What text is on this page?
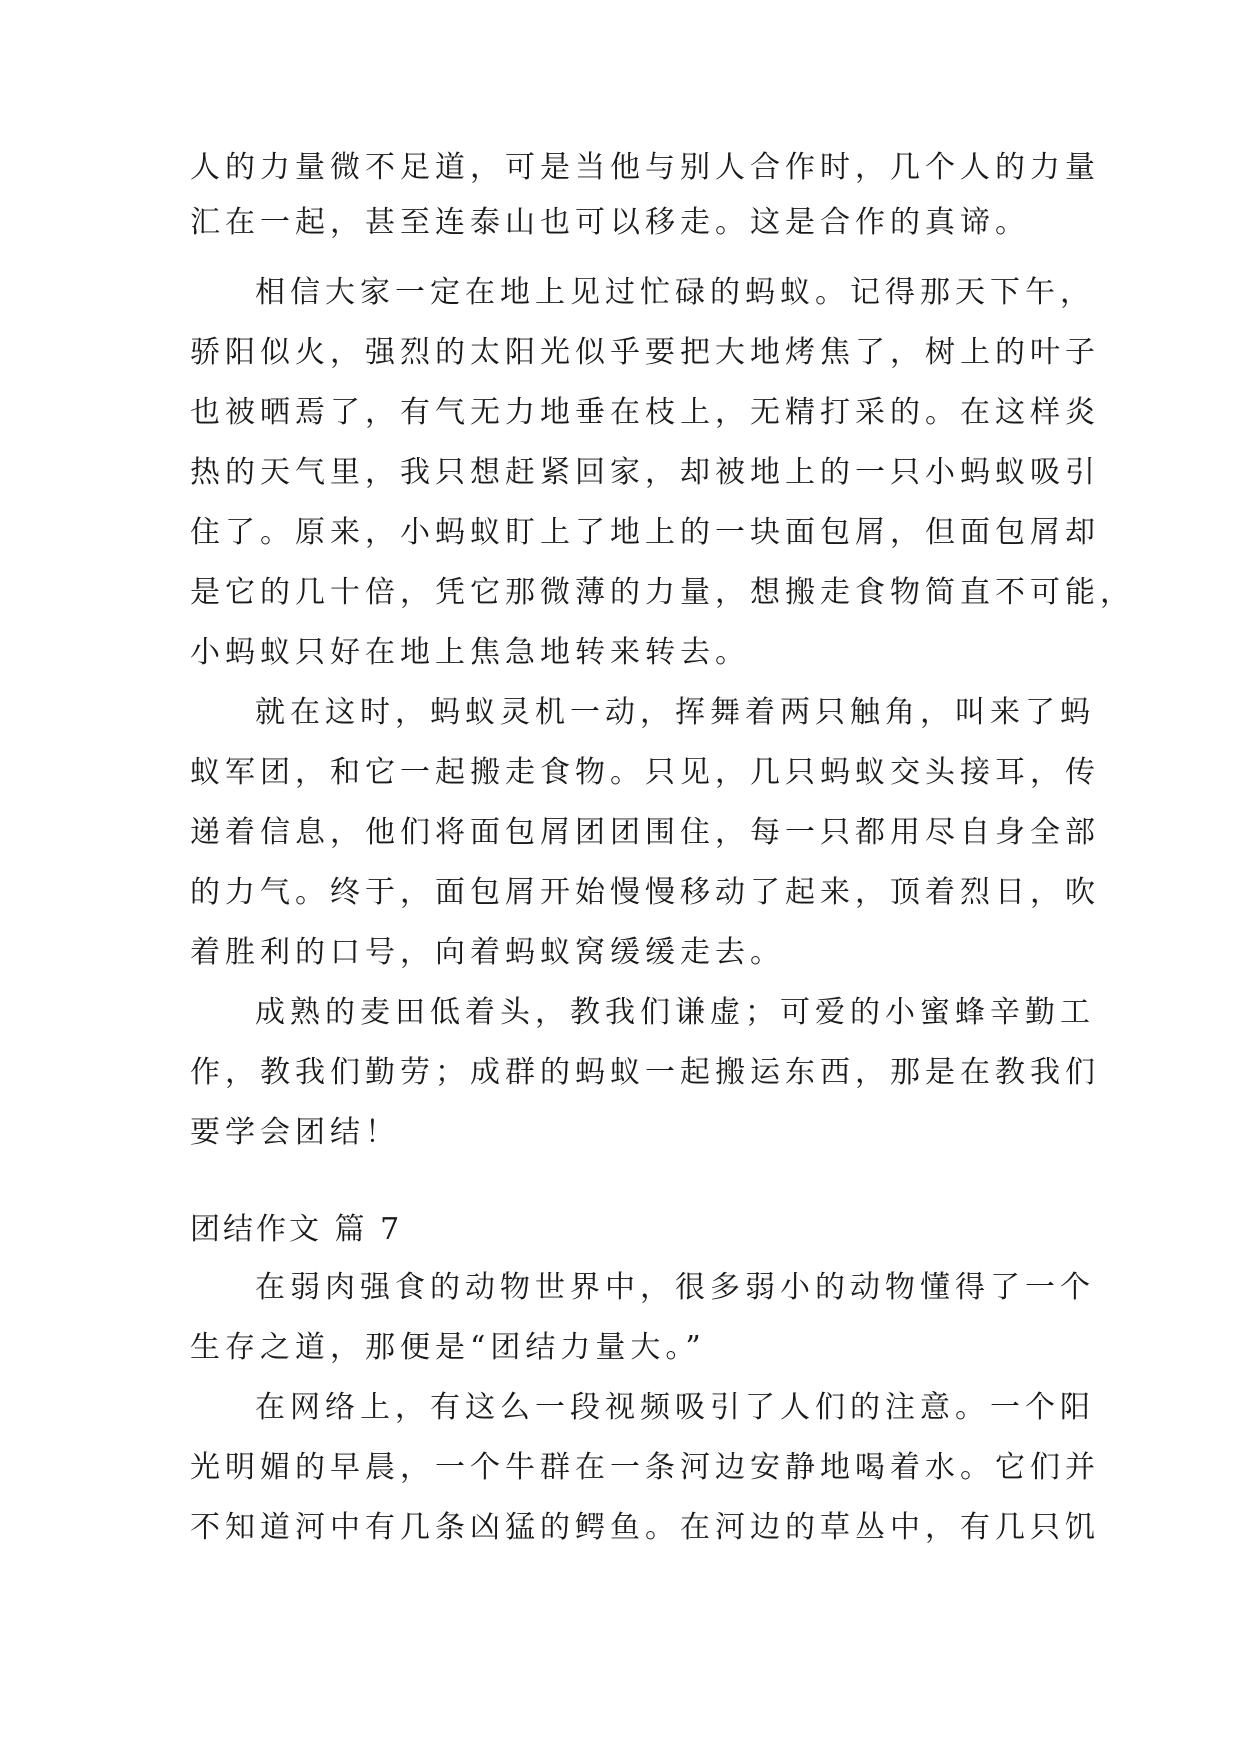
人的力量微不足道，可是当他与别人合作时，几个人的力量
汇在一起，甚至连泰山也可以移走。这是合作的真谛。
相信大家一定在地上见过忙碌的蚂蚁。记得那天下午，
骄阳似火，强烈的太阳光似乎要把大地烤焦了，树上的叶子
也被晒焉了，有气无力地垂在枝上，无精打采的。在这样炎
热的天气里，我只想赶紧回家，却被地上的一只小蚂蚁吸引
住了。原来，小蚂蚁盯上了地上的一块面包屑，但面包屑却
是它的几十倍，凭它那微薄的力量，想搬走食物简直不可能，
小蚂蚁只好在地上焦急地转来转去。
就在这时，蚂蚁灵机一动，挥舞着两只触角，叫来了蚂
蚁军团，和它一起搬走食物。只见，几只蚂蚁交头接耳，传
递着信息，他们将面包屑团团围住，每一只都用尽自身全部
的力气。终于，面包屑开始慢慢移动了起来，顶着烈日，吹
着胜利的口号，向着蚂蚁窝缓缓走去。
成熟的麦田低着头，教我们谦虚；可爱的小蜜蜂辛勤工
作，教我们勤劳；成群的蚂蚁一起搬运东西，那是在教我们
要学会团结！
团结作文 篇 7
在弱肉强食的动物世界中，很多弱小的动物懂得了一个
生存之道，那便是“团结力量大。”
在网络上，有这么一段视频吸引了人们的注意。一个阳
光明媚的早晨，一个牛群在一条河边安静地喝着水。它们并
不知道河中有几条凶猛的鳄鱼。在河边的草丛中，有几只饥
